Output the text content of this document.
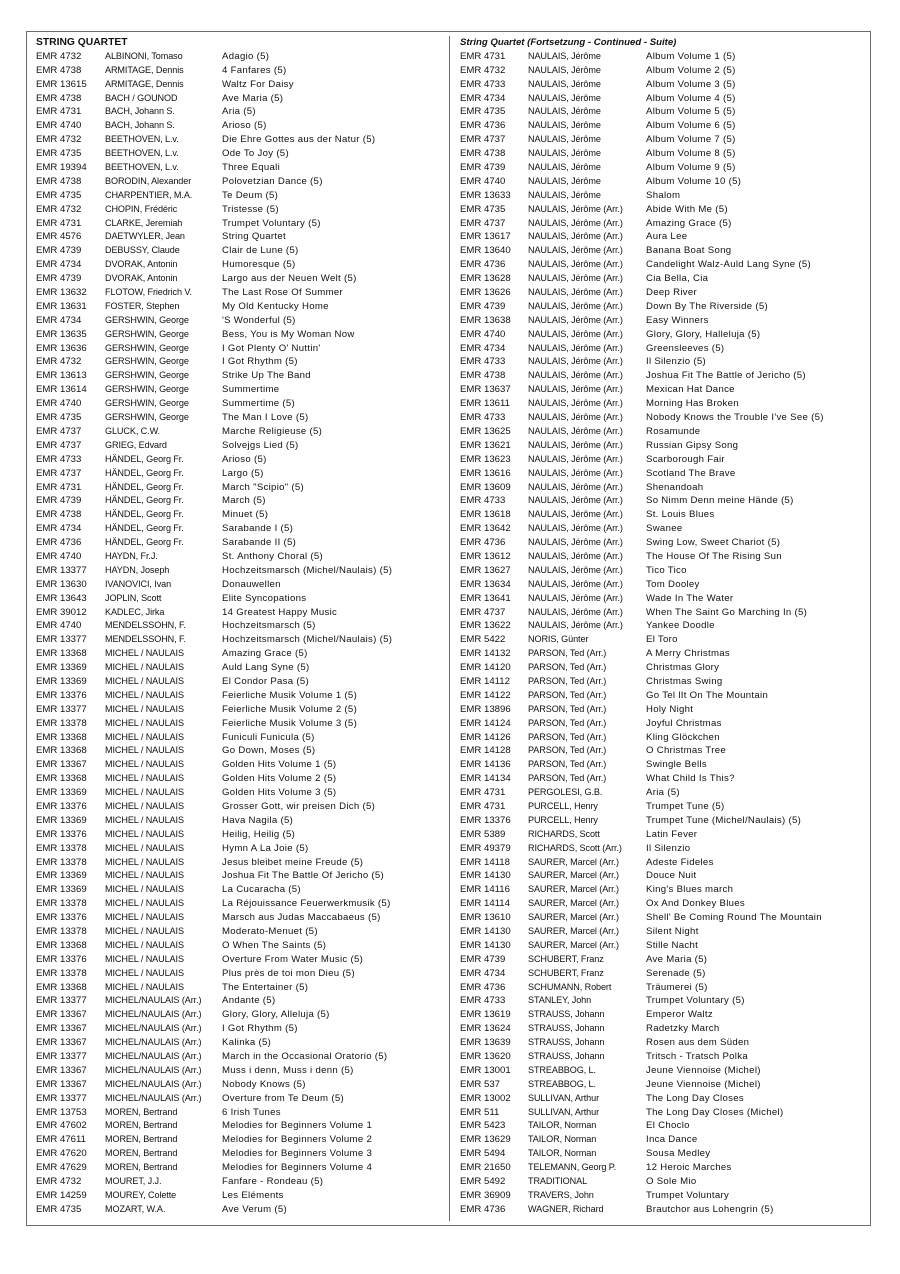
STRING QUARTET
EMR 4732	ALBINONI, Tomaso	Adagio (5)
EMR 4738	ARMITAGE, Dennis	4 Fanfares (5)
EMR 13615	ARMITAGE, Dennis	Waltz For Daisy
EMR 4738	BACH / GOUNOD	Ave Maria (5)
EMR 4731	BACH, Johann S.	Aria (5)
EMR 4740	BACH, Johann S.	Arioso (5)
EMR 4732	BEETHOVEN, L.v.	Die Ehre Gottes aus der Natur (5)
EMR 4735	BEETHOVEN, L.v.	Ode To Joy (5)
EMR 19394	BEETHOVEN, L.v.	Three Equali
EMR 4738	BORODIN, Alexander	Polovetzian Dance (5)
EMR 4735	CHARPENTIER, M.A.	Te Deum (5)
EMR 4732	CHOPIN, Frédéric	Tristesse (5)
EMR 4731	CLARKE, Jeremiah	Trumpet Voluntary (5)
EMR 4576	DAETWYLER, Jean	String Quartet
EMR 4739	DEBUSSY, Claude	Clair de Lune (5)
EMR 4734	DVORAK, Antonin	Humoresque (5)
EMR 4739	DVORAK, Antonin	Largo aus der Neuen Welt (5)
EMR 13632	FLOTOW, Friedrich V.	The Last Rose Of Summer
EMR 13631	FOSTER, Stephen	My Old Kentucky Home
EMR 4734	GERSHWIN, George	'S Wonderful (5)
EMR 13635	GERSHWIN, George	Bess, You is My Woman Now
EMR 13636	GERSHWIN, George	I Got Plenty O' Nuttin'
EMR 4732	GERSHWIN, George	I Got Rhythm (5)
EMR 13613	GERSHWIN, George	Strike Up The Band
EMR 13614	GERSHWIN, George	Summertime
EMR 4740	GERSHWIN, George	Summertime (5)
EMR 4735	GERSHWIN, George	The Man I Love (5)
EMR 4737	GLUCK, C.W.	Marche Religieuse (5)
EMR 4737	GRIEG, Edvard	Solvejgs Lied (5)
EMR 4733	HÄNDEL, Georg Fr.	Arioso (5)
EMR 4737	HÄNDEL, Georg Fr.	Largo (5)
EMR 4731	HÄNDEL, Georg Fr.	March "Scipio" (5)
EMR 4739	HÄNDEL, Georg Fr.	March (5)
EMR 4738	HÄNDEL, Georg Fr.	Minuet (5)
EMR 4734	HÄNDEL, Georg Fr.	Sarabande I (5)
EMR 4736	HÄNDEL, Georg Fr.	Sarabande II (5)
EMR 4740	HAYDN, Fr.J.	St. Anthony Choral (5)
EMR 13377	HAYDN, Joseph	Hochzeitsmarsch (Michel/Naulais) (5)
EMR 13630	IVANOVICI, Ivan	Donauwellen
EMR 13643	JOPLIN, Scott	Elite Syncopations
EMR 39012	KADLEC, Jirka	14 Greatest Happy Music
EMR 4740	MENDELSSOHN, F.	Hochzeitsmarsch (5)
EMR 13377	MENDELSSOHN, F.	Hochzeitsmarsch (Michel/Naulais) (5)
EMR 13368	MICHEL / NAULAIS	Amazing Grace (5)
EMR 13369	MICHEL / NAULAIS	Auld Lang Syne (5)
EMR 13369	MICHEL / NAULAIS	El Condor Pasa (5)
EMR 13376	MICHEL / NAULAIS	Feierliche Musik Volume 1 (5)
EMR 13377	MICHEL / NAULAIS	Feierliche Musik Volume 2 (5)
EMR 13378	MICHEL / NAULAIS	Feierliche Musik Volume 3 (5)
EMR 13368	MICHEL / NAULAIS	Funiculi Funicula (5)
EMR 13368	MICHEL / NAULAIS	Go Down, Moses (5)
EMR 13367	MICHEL / NAULAIS	Golden Hits Volume 1 (5)
EMR 13368	MICHEL / NAULAIS	Golden Hits Volume 2 (5)
EMR 13369	MICHEL / NAULAIS	Golden Hits Volume 3 (5)
EMR 13376	MICHEL / NAULAIS	Grosser Gott, wir preisen Dich (5)
EMR 13369	MICHEL / NAULAIS	Hava Nagila (5)
EMR 13376	MICHEL / NAULAIS	Heilig, Heilig (5)
EMR 13378	MICHEL / NAULAIS	Hymn A La Joie (5)
EMR 13378	MICHEL / NAULAIS	Jesus bleibet meine Freude (5)
EMR 13369	MICHEL / NAULAIS	Joshua Fit The Battle Of Jericho (5)
EMR 13369	MICHEL / NAULAIS	La Cucaracha (5)
EMR 13378	MICHEL / NAULAIS	La Réjouissance Feuerwerkmusik (5)
EMR 13376	MICHEL / NAULAIS	Marsch aus Judas Maccabaeus (5)
EMR 13378	MICHEL / NAULAIS	Moderato-Menuet (5)
EMR 13368	MICHEL / NAULAIS	O When The Saints (5)
EMR 13376	MICHEL / NAULAIS	Overture From Water Music (5)
EMR 13378	MICHEL / NAULAIS	Plus près de toi mon Dieu (5)
EMR 13368	MICHEL / NAULAIS	The Entertainer (5)
EMR 13377	MICHEL/NAULAIS (Arr.)	Andante (5)
EMR 13367	MICHEL/NAULAIS (Arr.)	Glory, Glory, Alleluja (5)
EMR 13367	MICHEL/NAULAIS (Arr.)	I Got Rhythm (5)
EMR 13367	MICHEL/NAULAIS (Arr.)	Kalinka (5)
EMR 13377	MICHEL/NAULAIS (Arr.)	March in the Occasional Oratorio (5)
EMR 13367	MICHEL/NAULAIS (Arr.)	Muss i denn, Muss i denn (5)
EMR 13367	MICHEL/NAULAIS (Arr.)	Nobody Knows (5)
EMR 13377	MICHEL/NAULAIS (Arr.)	Overture from Te Deum (5)
EMR 13753	MOREN, Bertrand	6 Irish Tunes
EMR 47602	MOREN, Bertrand	Melodies for Beginners Volume 1
EMR 47611	MOREN, Bertrand	Melodies for Beginners Volume 2
EMR 47620	MOREN, Bertrand	Melodies for Beginners Volume 3
EMR 47629	MOREN, Bertrand	Melodies for Beginners Volume 4
EMR 4732	MOURET, J.J.	Fanfare - Rondeau (5)
EMR 14259	MOUREY, Colette	Les Eléments
EMR 4735	MOZART, W.A.	Ave Verum (5)
String Quartet (Fortsetzung - Continued - Suite)
EMR 4731	NAULAIS, Jérôme	Album Volume 1 (5)
EMR 4732	NAULAIS, Jérôme	Album Volume 2 (5)
EMR 4733	NAULAIS, Jérôme	Album Volume 3 (5)
EMR 4734	NAULAIS, Jérôme	Album Volume 4 (5)
EMR 4735	NAULAIS, Jérôme	Album Volume 5 (5)
EMR 4736	NAULAIS, Jérôme	Album Volume 6 (5)
EMR 4737	NAULAIS, Jérôme	Album Volume 7 (5)
EMR 4738	NAULAIS, Jérôme	Album Volume 8 (5)
EMR 4739	NAULAIS, Jérôme	Album Volume 9 (5)
EMR 4740	NAULAIS, Jérôme	Album Volume 10 (5)
EMR 13633	NAULAIS, Jérôme	Shalom
EMR 4735	NAULAIS, Jérôme (Arr.)	Abide With Me (5)
EMR 4737	NAULAIS, Jérôme (Arr.)	Amazing Grace (5)
EMR 13617	NAULAIS, Jérôme (Arr.)	Aura Lee
EMR 13640	NAULAIS, Jérôme (Arr.)	Banana Boat Song
EMR 4736	NAULAIS, Jérôme (Arr.)	Candelight Walz-Auld Lang Syne (5)
EMR 13628	NAULAIS, Jérôme (Arr.)	Cia Bella, Cia
EMR 13626	NAULAIS, Jérôme (Arr.)	Deep River
EMR 4739	NAULAIS, Jérôme (Arr.)	Down By The Riverside (5)
EMR 13638	NAULAIS, Jérôme (Arr.)	Easy Winners
EMR 4740	NAULAIS, Jérôme (Arr.)	Glory, Glory, Halleluja (5)
EMR 4734	NAULAIS, Jérôme (Arr.)	Greensleeves (5)
EMR 4733	NAULAIS, Jérôme (Arr.)	Il Silenzio (5)
EMR 4738	NAULAIS, Jérôme (Arr.)	Joshua Fit The Battle of Jericho (5)
EMR 13637	NAULAIS, Jérôme (Arr.)	Mexican Hat Dance
EMR 13611	NAULAIS, Jérôme (Arr.)	Morning Has Broken
EMR 4733	NAULAIS, Jérôme (Arr.)	Nobody Knows the Trouble I've See (5)
EMR 13625	NAULAIS, Jérôme (Arr.)	Rosamunde
EMR 13621	NAULAIS, Jérôme (Arr.)	Russian Gipsy Song
EMR 13623	NAULAIS, Jérôme (Arr.)	Scarborough Fair
EMR 13616	NAULAIS, Jérôme (Arr.)	Scotland The Brave
EMR 13609	NAULAIS, Jérôme (Arr.)	Shenandoah
EMR 4733	NAULAIS, Jérôme (Arr.)	So Nimm Denn meine Hände (5)
EMR 13618	NAULAIS, Jérôme (Arr.)	St. Louis Blues
EMR 13642	NAULAIS, Jérôme (Arr.)	Swanee
EMR 4736	NAULAIS, Jérôme (Arr.)	Swing Low, Sweet Chariot (5)
EMR 13612	NAULAIS, Jérôme (Arr.)	The House Of The Rising Sun
EMR 13627	NAULAIS, Jérôme (Arr.)	Tico Tico
EMR 13634	NAULAIS, Jérôme (Arr.)	Tom Dooley
EMR 13641	NAULAIS, Jérôme (Arr.)	Wade In The Water
EMR 4737	NAULAIS, Jérôme (Arr.)	When The Saint Go Marching In (5)
EMR 13622	NAULAIS, Jérôme (Arr.)	Yankee Doodle
EMR 5422	NORIS, Günter	El Toro
EMR 14132	PARSON, Ted (Arr.)	A Merry Christmas
EMR 14120	PARSON, Ted (Arr.)	Christmas Glory
EMR 14112	PARSON, Ted (Arr.)	Christmas Swing
EMR 14122	PARSON, Ted (Arr.)	Go Tel lIt On The Mountain
EMR 13896	PARSON, Ted (Arr.)	Holy Night
EMR 14124	PARSON, Ted (Arr.)	Joyful Christmas
EMR 14126	PARSON, Ted (Arr.)	Kling Glöckchen
EMR 14128	PARSON, Ted (Arr.)	O Christmas Tree
EMR 14136	PARSON, Ted (Arr.)	Swingle Bells
EMR 14134	PARSON, Ted (Arr.)	What Child Is This?
EMR 4731	PERGOLESI, G.B.	Aria (5)
EMR 4731	PURCELL, Henry	Trumpet Tune (5)
EMR 13376	PURCELL, Henry	Trumpet Tune (Michel/Naulais) (5)
EMR 5389	RICHARDS, Scott	Latin Fever
EMR 49379	RICHARDS, Scott (Arr.)	Il Silenzio
EMR 14118	SAURER, Marcel (Arr.)	Adeste Fideles
EMR 14130	SAURER, Marcel (Arr.)	Douce Nuit
EMR 14116	SAURER, Marcel (Arr.)	King's Blues march
EMR 14114	SAURER, Marcel (Arr.)	Ox And Donkey Blues
EMR 13610	SAURER, Marcel (Arr.)	Shell' Be Coming Round The Mountain
EMR 14130	SAURER, Marcel (Arr.)	Silent Night
EMR 14130	SAURER, Marcel (Arr.)	Stille Nacht
EMR 4739	SCHUBERT, Franz	Ave Maria (5)
EMR 4734	SCHUBERT, Franz	Serenade (5)
EMR 4736	SCHUMANN, Robert	Träumerei (5)
EMR 4733	STANLEY, John	Trumpet Voluntary (5)
EMR 13619	STRAUSS, Johann	Emperor Waltz
EMR 13624	STRAUSS, Johann	Radetzky March
EMR 13639	STRAUSS, Johann	Rosen aus dem Süden
EMR 13620	STRAUSS, Johann	Tritsch - Tratsch Polka
EMR 13001	STREABBOG, L.	Jeune Viennoise (Michel)
EMR 537	STREABBOG, L.	Jeune Viennoise (Michel)
EMR 13002	SULLIVAN, Arthur	The Long Day Closes
EMR 511	SULLIVAN, Arthur	The Long Day Closes (Michel)
EMR 5423	TAILOR, Norman	El Choclo
EMR 13629	TAILOR, Norman	Inca Dance
EMR 5494	TAILOR, Norman	Sousa Medley
EMR 21650	TELEMANN, Georg P.	12 Heroic Marches
EMR 5492	TRADITIONAL	O Sole Mio
EMR 36909	TRAVERS, John	Trumpet Voluntary
EMR 4736	WAGNER, Richard	Brautchor aus Lohengrin (5)
